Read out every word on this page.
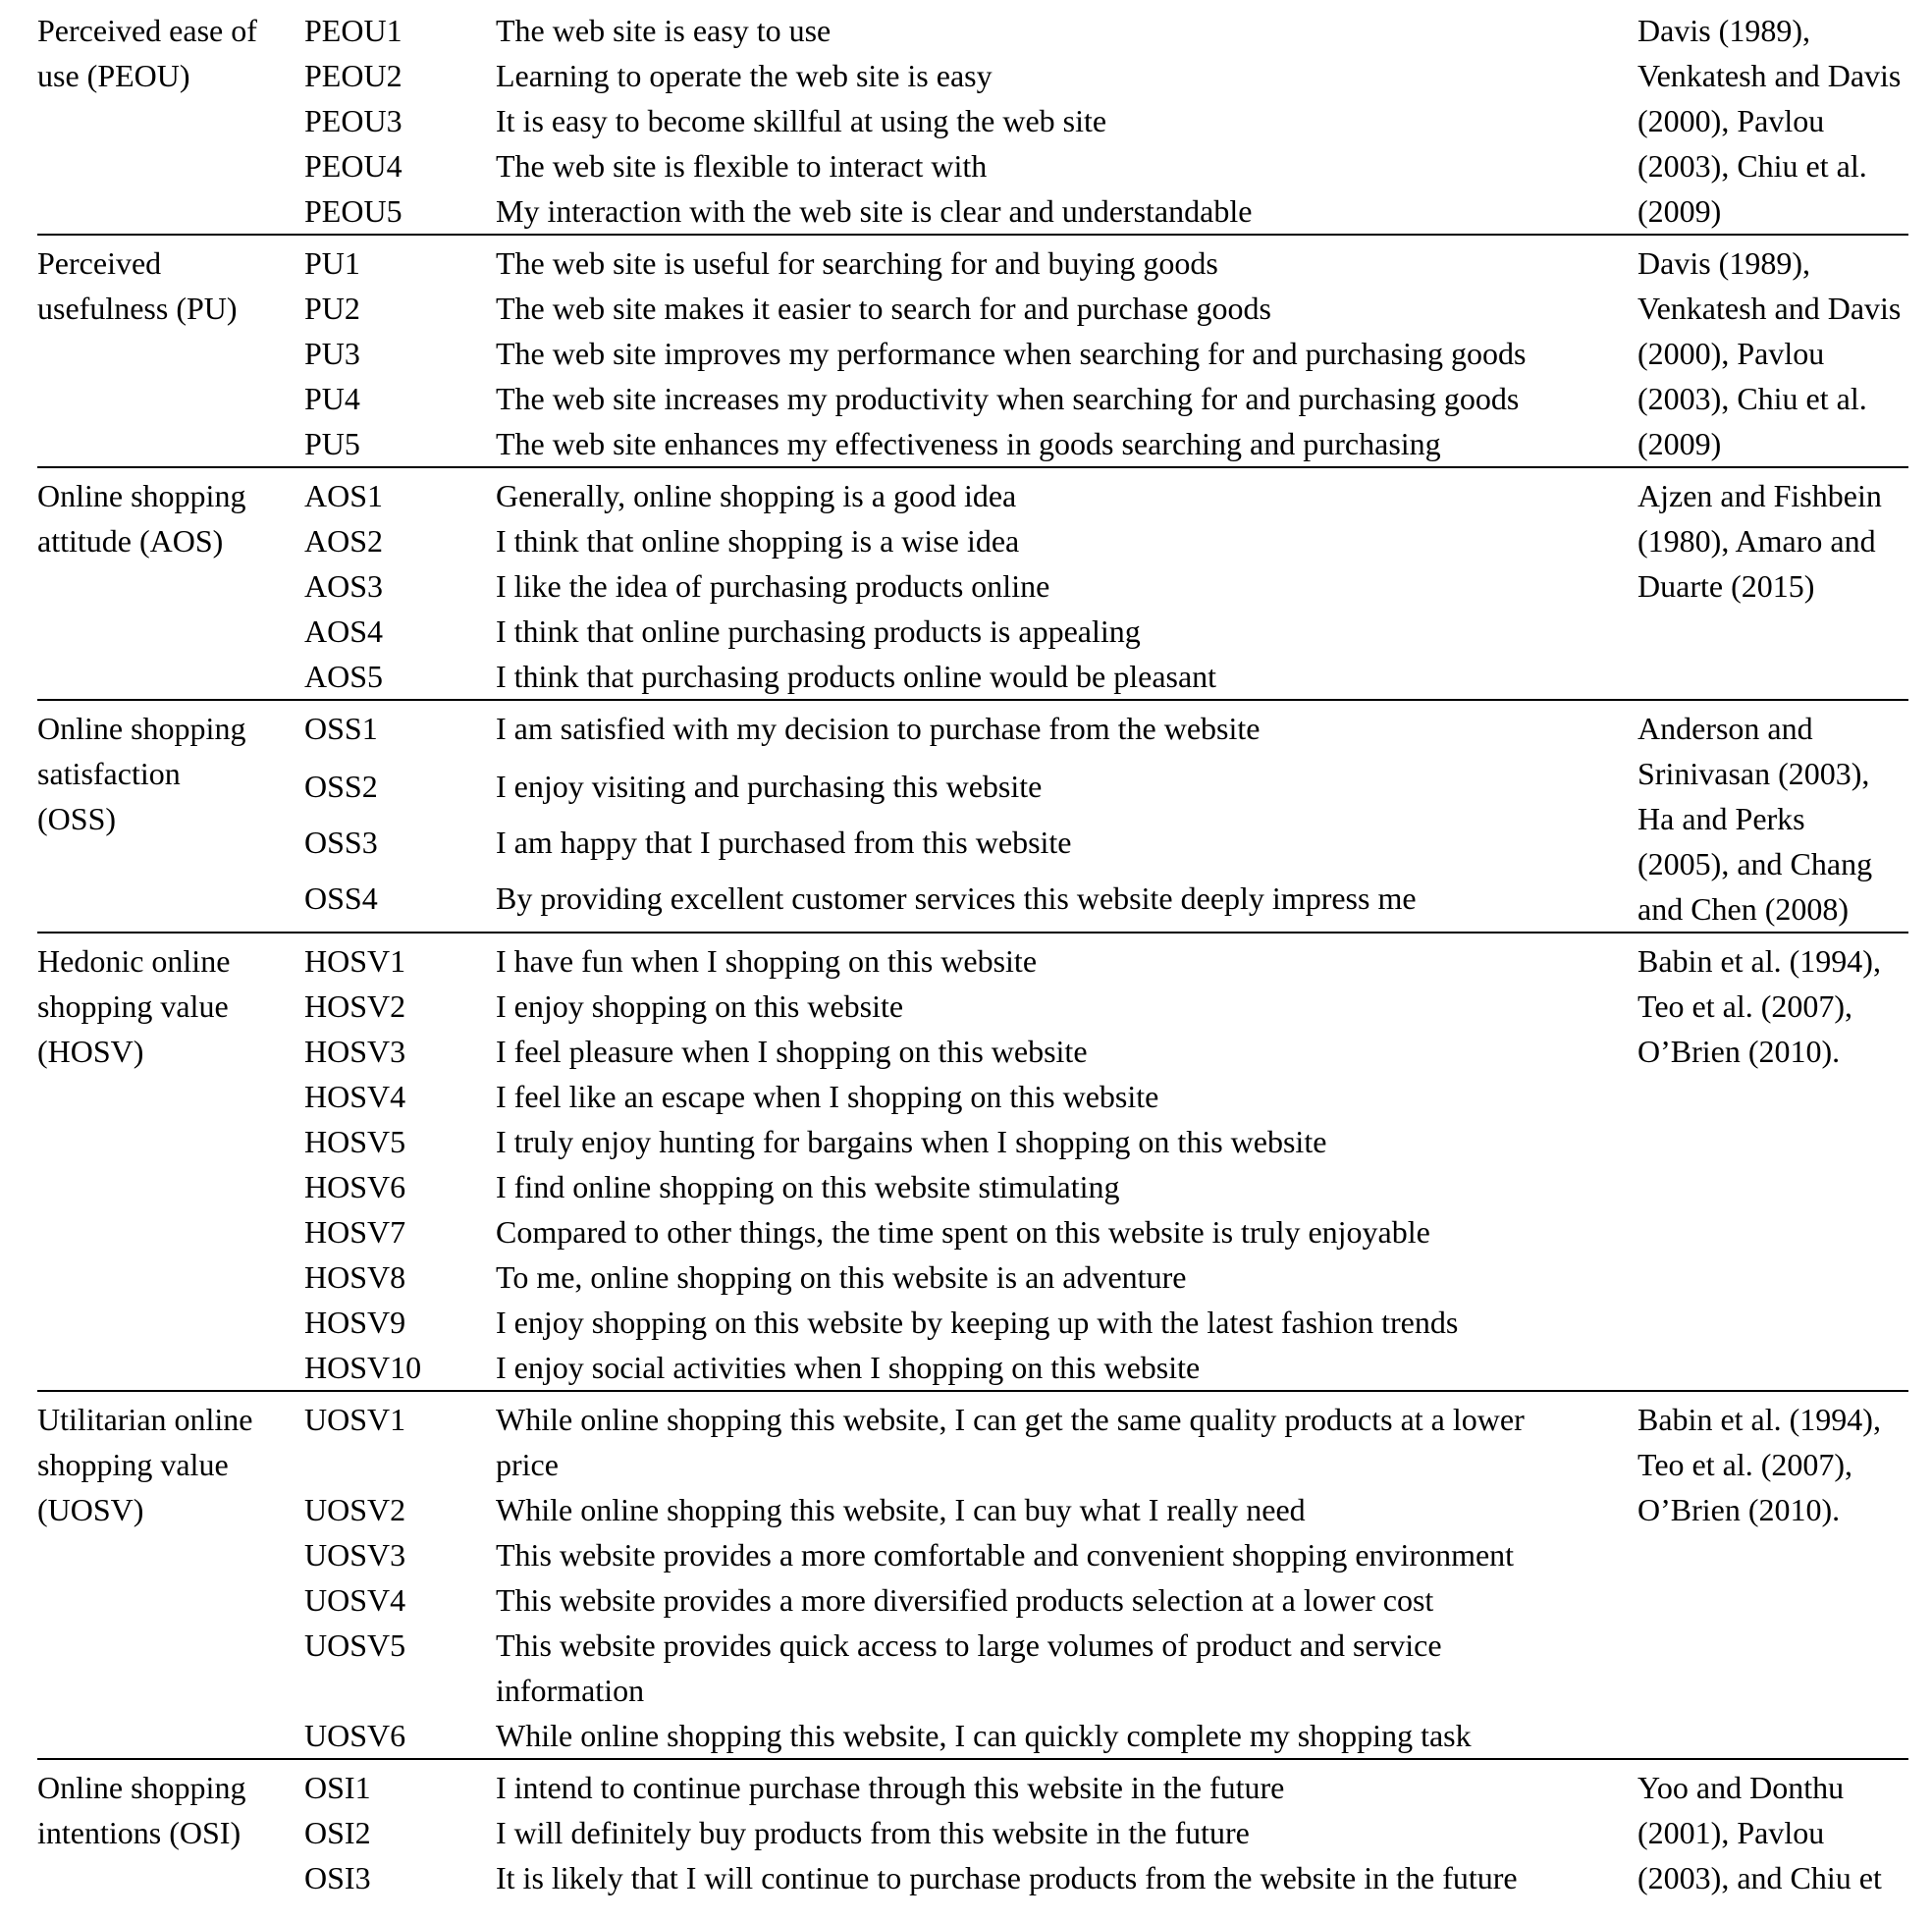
Perceived ease of use (PEOU)	PEOU1	The web site is easy to use	Davis (1989), Venkatesh and Davis (2000), Pavlou (2003), Chiu et al. (2009)
	PEOU2	Learning to operate the web site is easy	
	PEOU3	It is easy to become skillful at using the web site	
	PEOU4	The web site is flexible to interact with	
	PEOU5	My interaction with the web site is clear and understandable	
Perceived usefulness (PU)	PU1	The web site is useful for searching for and buying goods	Davis (1989), Venkatesh and Davis (2000), Pavlou (2003), Chiu et al. (2009)
	PU2	The web site makes it easier to search for and purchase goods	
	PU3	The web site improves my performance when searching for and purchasing goods	
	PU4	The web site increases my productivity when searching for and purchasing goods	
	PU5	The web site enhances my effectiveness in goods searching and purchasing	
Online shopping attitude (AOS)	AOS1	Generally, online shopping is a good idea	Ajzen and Fishbein (1980), Amaro and Duarte (2015)
	AOS2	I think that online shopping is a wise idea	
	AOS3	I like the idea of purchasing products online	
	AOS4	I think that online purchasing products is appealing	
	AOS5	I think that purchasing products online would be pleasant	
Online shopping satisfaction (OSS)	OSS1	I am satisfied with my decision to purchase from the website	Anderson and Srinivasan (2003), Ha and Perks (2005), and Chang and Chen (2008)
	OSS2	I enjoy visiting and purchasing this website	
	OSS3	I am happy that I purchased from this website	
	OSS4	By providing excellent customer services this website deeply impress me	
Hedonic online shopping value (HOSV)	HOSV1	I have fun when I shopping on this website	Babin et al. (1994), Teo et al. (2007), O’Brien (2010).
	HOSV2	I enjoy shopping on this website	
	HOSV3	I feel pleasure when I shopping on this website	
	HOSV4	I feel like an escape when I shopping on this website	
	HOSV5	I truly enjoy hunting for bargains when I shopping on this website	
	HOSV6	I find online shopping on this website stimulating	
	HOSV7	Compared to other things, the time spent on this website is truly enjoyable	
	HOSV8	To me, online shopping on this website is an adventure	
	HOSV9	I enjoy shopping on this website by keeping up with the latest fashion trends	
	HOSV10	I enjoy social activities when I shopping on this website	
Utilitarian online shopping value (UOSV)	UOSV1	While online shopping this website, I can get the same quality products at a lower price	Babin et al. (1994), Teo et al. (2007), O’Brien (2010).
	UOSV2	While online shopping this website, I can buy what I really need	
	UOSV3	This website provides a more comfortable and convenient shopping environment	
	UOSV4	This website provides a more diversified products selection at a lower cost	
	UOSV5	This website provides quick access to large volumes of product and service information	
	UOSV6	While online shopping this website, I can quickly complete my shopping task	
Online shopping intentions (OSI)	OSI1	I intend to continue purchase through this website in the future	Yoo and Donthu (2001), Pavlou (2003), and Chiu et
	OSI2	I will definitely buy products from this website in the future	
	OSI3	It is likely that I will continue to purchase products from the website in the future	
